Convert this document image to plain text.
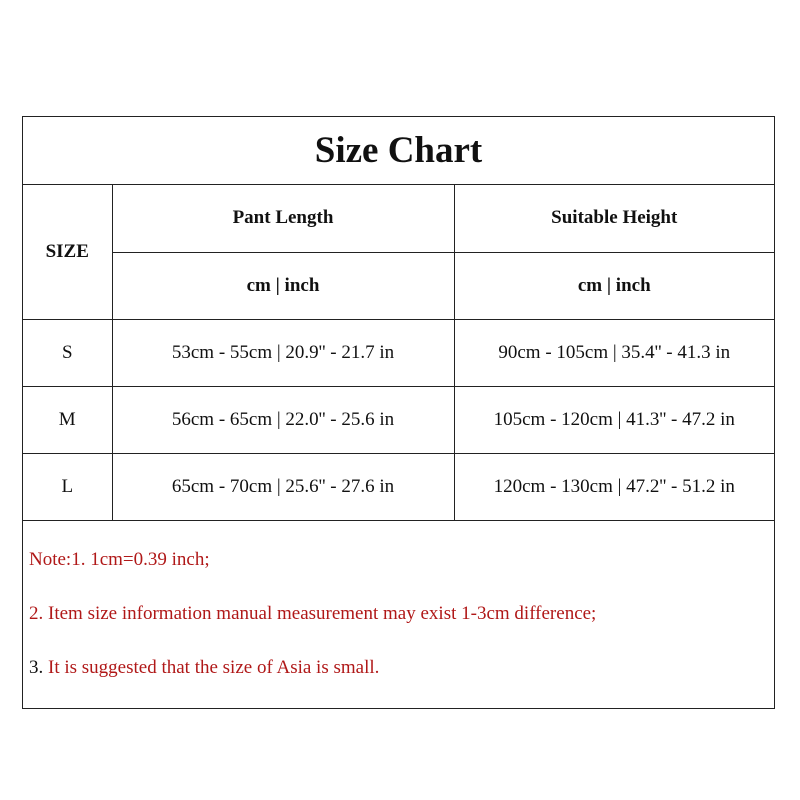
Size Chart
SIZE	Pant Length	Suitable Height
	cm | inch	cm | inch
S	53cm - 55cm | 20.9'' - 21.7 in	90cm - 105cm | 35.4'' - 41.3 in
M	56cm - 65cm | 22.0'' - 25.6 in	105cm - 120cm | 41.3'' - 47.2 in
L	65cm - 70cm | 25.6'' - 27.6 in	120cm - 130cm | 47.2'' - 51.2 in
Note:1. 1cm=0.39 inch;
2. Item size information manual measurement may exist 1-3cm difference;
3. It is suggested that the size of Asia is small.
